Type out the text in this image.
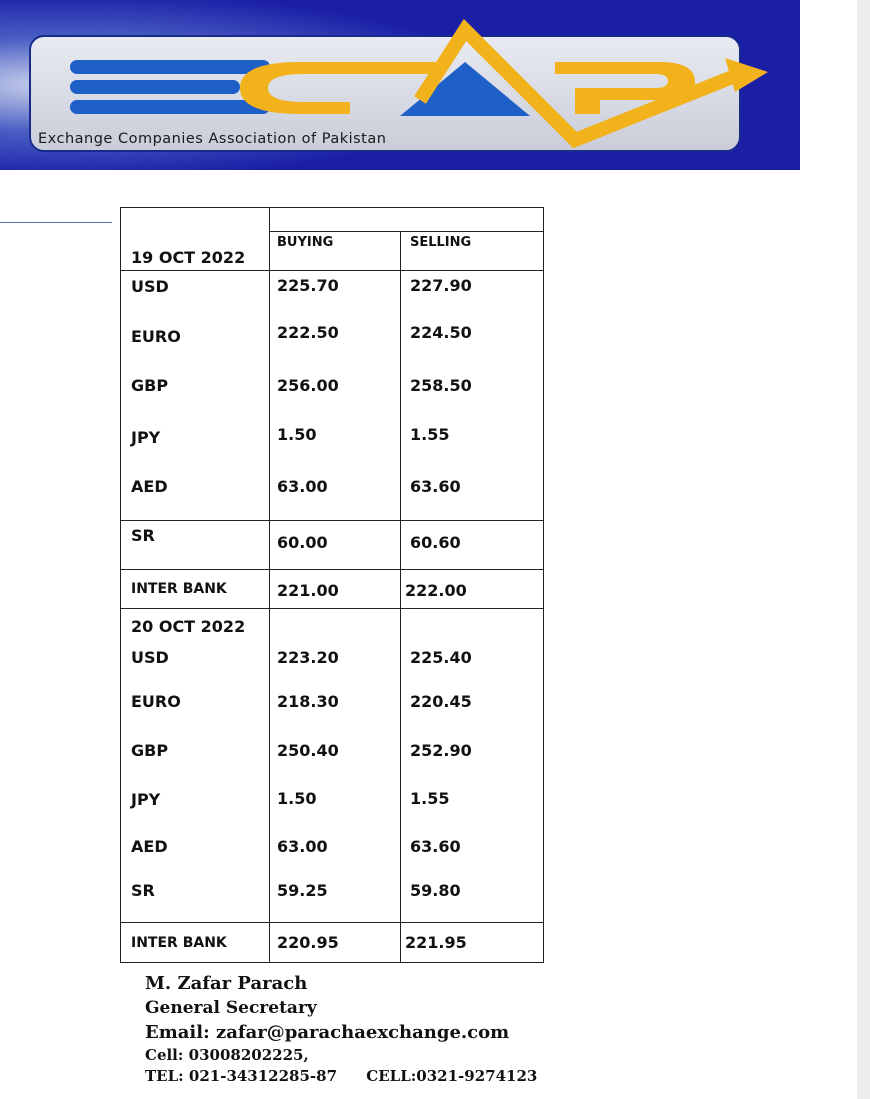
Exchange Companies Association of Pakistan
BUYING	SELLING
19 OCT 2022
USD	225.70	227.90
EURO	222.50	224.50
GBP	256.00	258.50
JPY	1.50	1.55
AED	63.00	63.60
SR	60.00	60.60
INTER BANK	221.00	222.00
20 OCT 2022
USD	223.20	225.40
EURO	218.30	220.45
GBP	250.40	252.90
JPY	1.50	1.55
AED	63.00	63.60
SR	59.25	59.80
INTER BANK	220.95	221.95
M. Zafar Parach
General Secretary
Email: zafar@parachaexchange.com
Cell: 03008202225,
TEL: 021-34312285-87 CELL:0321-9274123
